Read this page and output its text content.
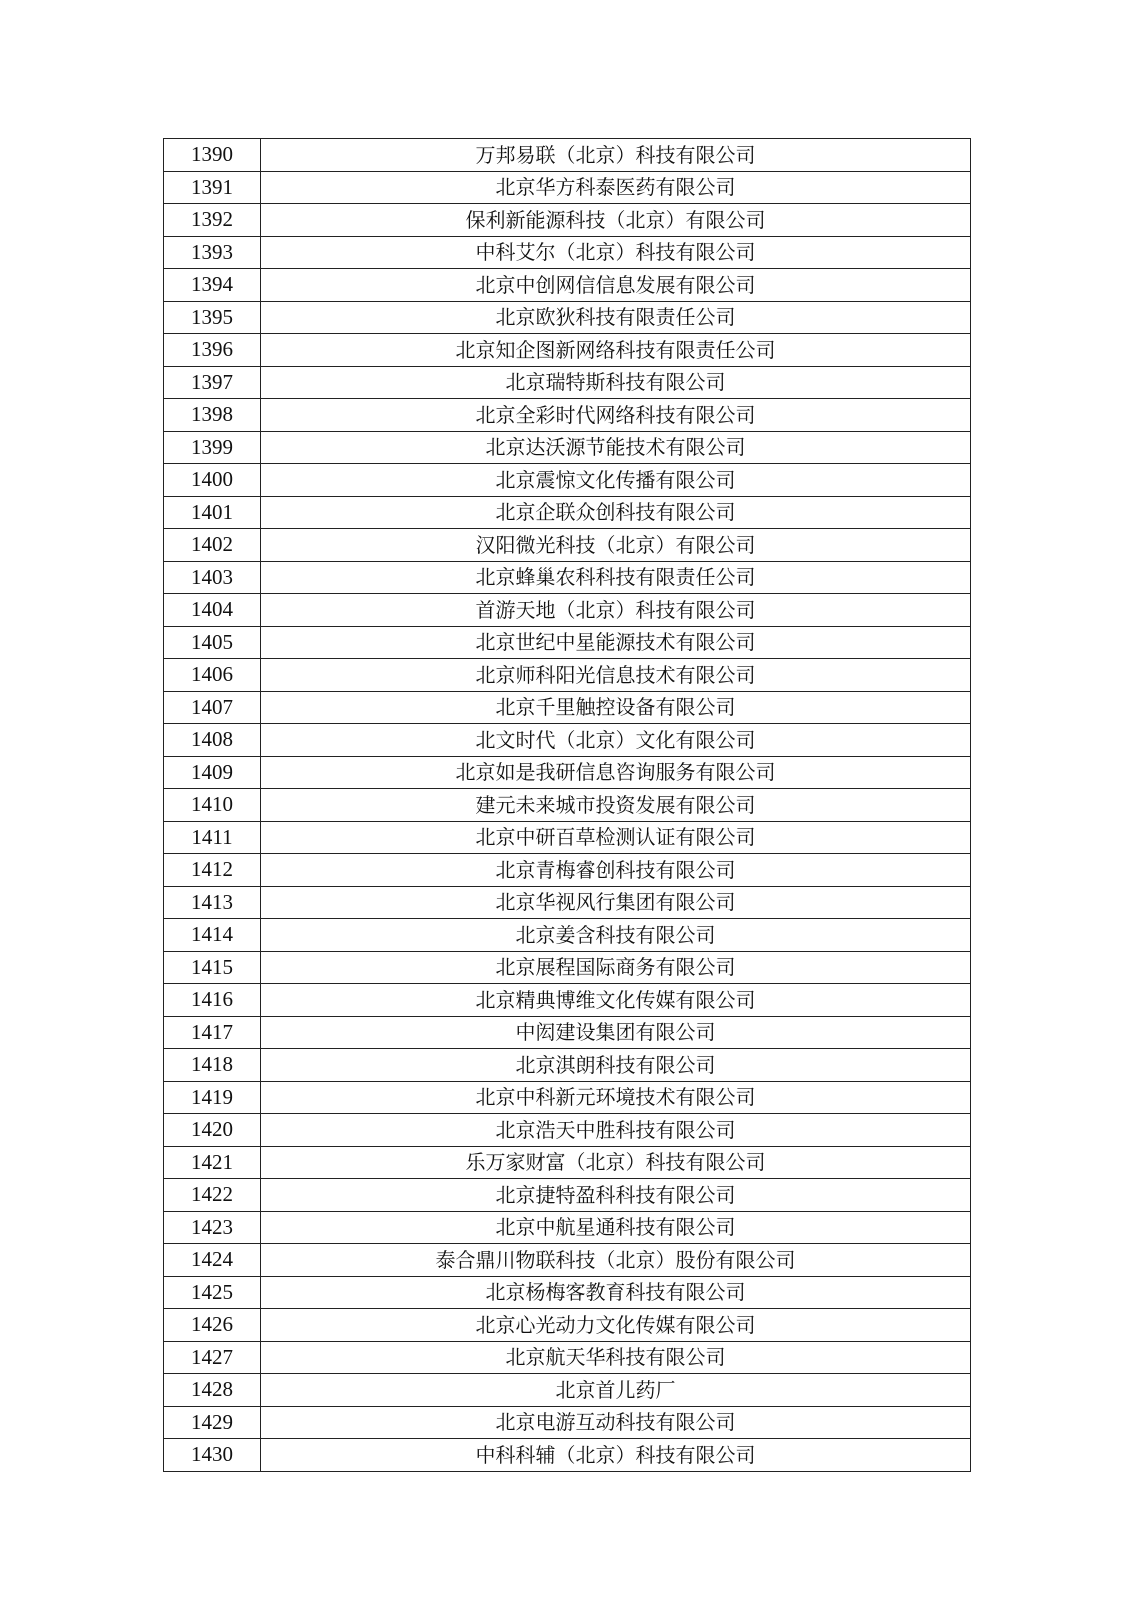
1390	万邦易联（北京）科技有限公司
1391	北京华方科泰医药有限公司
1392	保利新能源科技（北京）有限公司
1393	中科艾尔（北京）科技有限公司
1394	北京中创网信信息发展有限公司
1395	北京欧狄科技有限责任公司
1396	北京知企图新网络科技有限责任公司
1397	北京瑞特斯科技有限公司
1398	北京全彩时代网络科技有限公司
1399	北京达沃源节能技术有限公司
1400	北京震惊文化传播有限公司
1401	北京企联众创科技有限公司
1402	汉阳微光科技（北京）有限公司
1403	北京蜂巢农科科技有限责任公司
1404	首游天地（北京）科技有限公司
1405	北京世纪中星能源技术有限公司
1406	北京师科阳光信息技术有限公司
1407	北京千里触控设备有限公司
1408	北文时代（北京）文化有限公司
1409	北京如是我研信息咨询服务有限公司
1410	建元未来城市投资发展有限公司
1411	北京中研百草检测认证有限公司
1412	北京青梅睿创科技有限公司
1413	北京华视风行集团有限公司
1414	北京姜含科技有限公司
1415	北京展程国际商务有限公司
1416	北京精典博维文化传媒有限公司
1417	中闳建设集团有限公司
1418	北京淇朗科技有限公司
1419	北京中科新元环境技术有限公司
1420	北京浩天中胜科技有限公司
1421	乐万家财富（北京）科技有限公司
1422	北京捷特盈科科技有限公司
1423	北京中航星通科技有限公司
1424	泰合鼎川物联科技（北京）股份有限公司
1425	北京杨梅客教育科技有限公司
1426	北京心光动力文化传媒有限公司
1427	北京航天华科技有限公司
1428	北京首儿药厂
1429	北京电游互动科技有限公司
1430	中科科辅（北京）科技有限公司
